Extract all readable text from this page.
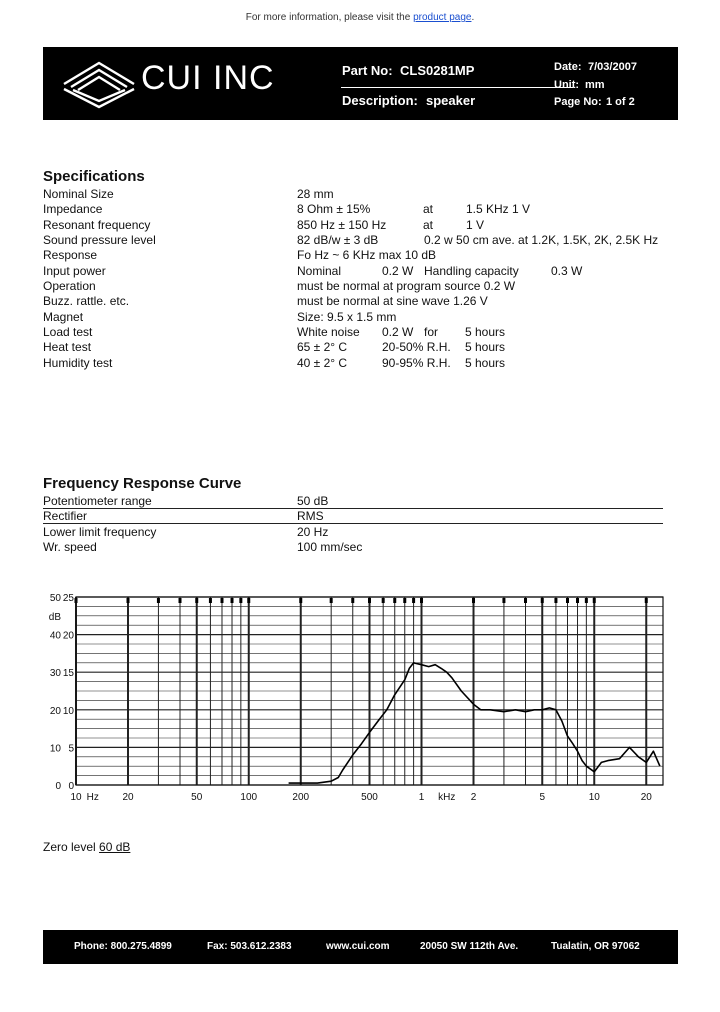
For more information, please visit the product page.
CUI INC	Part No: CLS0281MP
Description: speaker
Date: 7/03/2007
Unit: mm
Page No: 1 of 2
Specifications
Nominal Size	28 mm
Impedance	8 Ohm ± 15%	at	1.5 KHz 1 V
Resonant frequency	850 Hz ± 150 Hz	at	1 V
Sound pressure level	82 dB/w ± 3 dB	0.2 w 50 cm ave. at 1.2K, 1.5K, 2K, 2.5K Hz
Response	Fo Hz ~ 6 KHz max 10 dB
Input power	Nominal	0.2 W Handling capacity	0.3 W
Operation	must be normal at program source 0.2 W
Buzz. rattle. etc.	must be normal at sine wave 1.26 V
Magnet	Size: 9.5 x 1.5 mm
Load test	White noise 0.2 W for 5 hours
Heat test	65 ± 2° C	20-50% R.H. 5 hours
Humidity test	40 ± 2° C	90-95% R.H. 5 hours
Frequency Response Curve
Potentiometer range	50 dB
Rectifier	RMS
Lower limit frequency	20 Hz
Wr. speed	100 mm/sec
50
dB
40
30
20
10
0
25
20
15
10
5
0
10 Hz 20	50	100	200	500	1 kHz 2	5	10	20
Zero level 60 dB
Phone: 800.275.4899	Fax: 503.612.2383	www.cui.com	20050 SW 112th Ave.	Tualatin, OR 97062
